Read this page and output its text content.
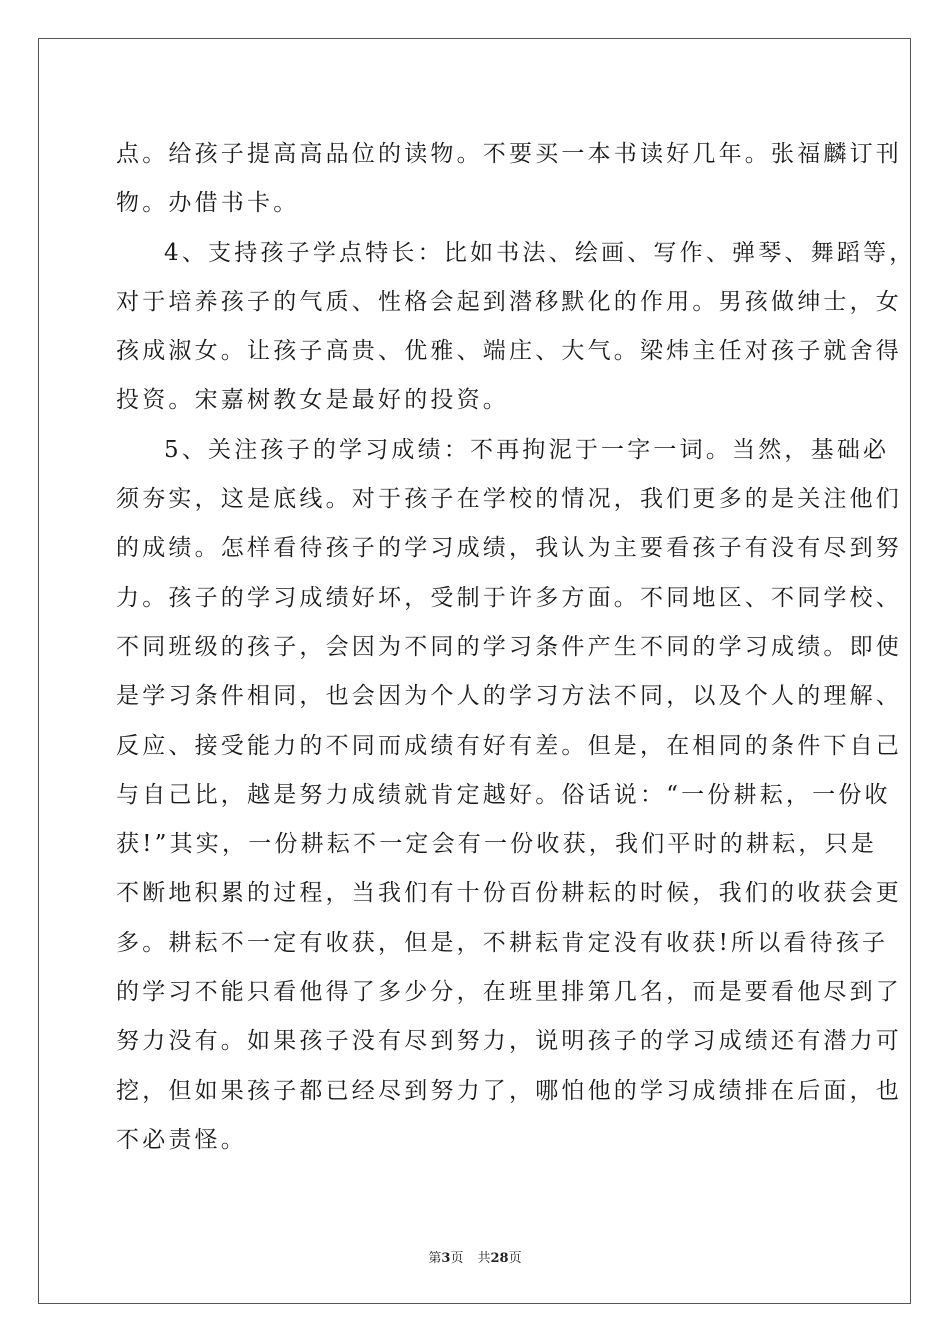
点。给孩子提高高品位的读物。不要买一本书读好几年。张福麟订刊
物。办借书卡。
4、支持孩子学点特长：比如书法、绘画、写作、弹琴、舞蹈等，
对于培养孩子的气质、性格会起到潜移默化的作用。男孩做绅士，女
孩成淑女。让孩子高贵、优雅、端庄、大气。梁炜主任对孩子就舍得
投资。宋嘉树教女是最好的投资。
5、关注孩子的学习成绩：不再拘泥于一字一词。当然，基础必
须夯实，这是底线。对于孩子在学校的情况，我们更多的是关注他们
的成绩。怎样看待孩子的学习成绩，我认为主要看孩子有没有尽到努
力。孩子的学习成绩好坏，受制于许多方面。不同地区、不同学校、
不同班级的孩子，会因为不同的学习条件产生不同的学习成绩。即使
是学习条件相同，也会因为个人的学习方法不同，以及个人的理解、
反应、接受能力的不同而成绩有好有差。但是，在相同的条件下自己
与自己比，越是努力成绩就肯定越好。俗话说：“一份耕耘，一份收
获!”其实，一份耕耘不一定会有一份收获，我们平时的耕耘，只是
不断地积累的过程，当我们有十份百份耕耘的时候，我们的收获会更
多。耕耘不一定有收获，但是，不耕耘肯定没有收获!所以看待孩子
的学习不能只看他得了多少分，在班里排第几名，而是要看他尽到了
努力没有。如果孩子没有尽到努力，说明孩子的学习成绩还有潜力可
挖，但如果孩子都已经尽到努力了，哪怕他的学习成绩排在后面，也
不必责怪。
第3页 共28页
